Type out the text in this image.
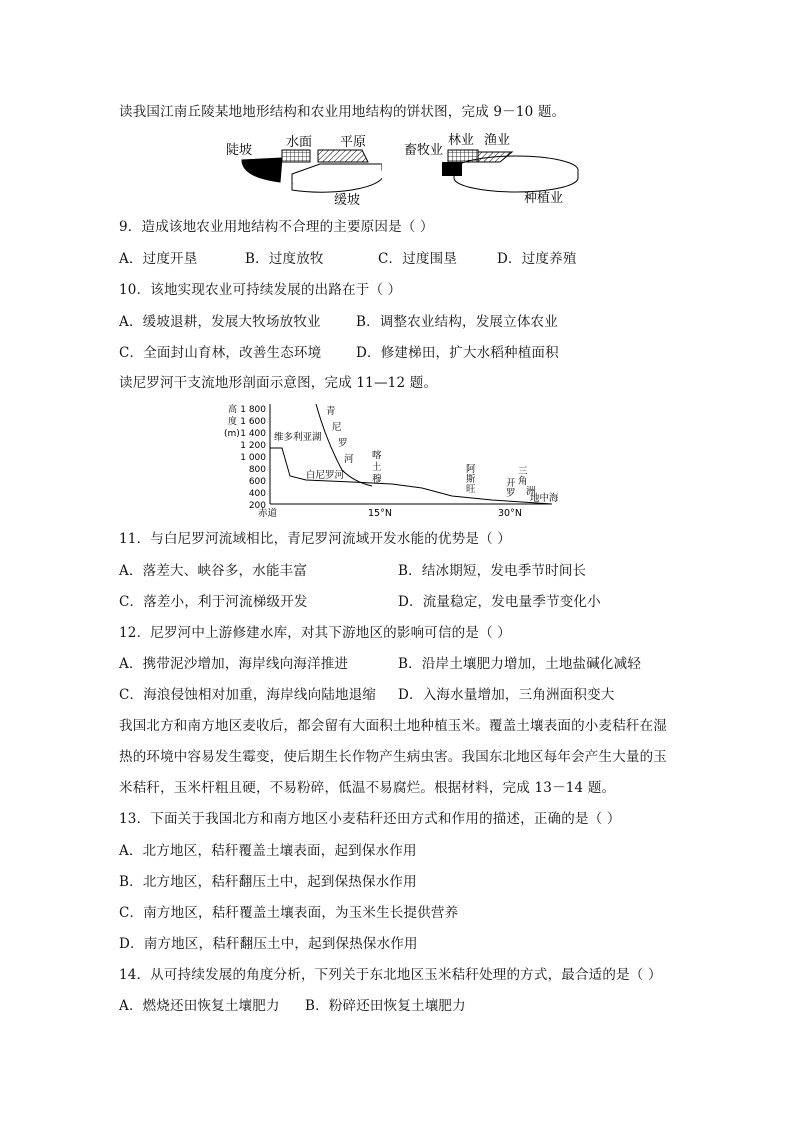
读我国江南丘陵某地地形结构和农业用地结构的饼状图，完成 9－10 题。
陡坡
水面 平原
缓坡
畜牧业
林业 渔业
种植业
9．造成该地农业用地结构不合理的主要原因是（ ）
A．过度开垦	B．过度放牧	C．过度围垦	D．过度养殖
10．该地实现农业可持续发展的出路在于（ ）
A．缓坡退耕，发展大牧场放牧业	B．调整农业结构，发展立体农业
C．全面封山育林，改善生态环境	D．修建梯田，扩大水稻种植面积
读尼罗河干支流地形剖面示意图，完成 11—12 题。
高
度
(m)
1 800
1 600
1 400
1 200
1 000
800
600
400
200
维多利亚湖
白尼罗河
青
尼
罗
河 喀
土
穆
阿
斯
旺
三
角
洲
开
罗 地中海
赤道	15°N	30°N
11．与白尼罗河流域相比，青尼罗河流域开发水能的优势是（ ）
A．落差大、峡谷多，水能丰富	B．结冰期短，发电季节时间长
C．落差小，利于河流梯级开发	D．流量稳定，发电量季节变化小
12．尼罗河中上游修建水库，对其下游地区的影响可信的是（ ）
A．携带泥沙增加，海岸线向海洋推进	B．沿岸土壤肥力增加，土地盐碱化减轻
C．海浪侵蚀相对加重，海岸线向陆地退缩 D．入海水量增加，三角洲面积变大
我国北方和南方地区麦收后，都会留有大面积土地种植玉米。覆盖土壤表面的小麦秸秆在湿
热的环境中容易发生霉变，使后期生长作物产生病虫害。我国东北地区每年会产生大量的玉
米秸秆，玉米杆粗且硬，不易粉碎，低温不易腐烂。根据材料，完成 13－14 题。
13．下面关于我国北方和南方地区小麦秸秆还田方式和作用的描述，正确的是（ ）
A．北方地区，秸秆覆盖土壤表面，起到保水作用
B．北方地区，秸秆翻压土中，起到保热保水作用
C．南方地区，秸秆覆盖土壤表面，为玉米生长提供营养
D．南方地区，秸秆翻压土中，起到保热保水作用
14．从可持续发展的角度分析，下列关于东北地区玉米秸秆处理的方式，最合适的是（ ）
A．燃烧还田恢复土壤肥力 B．粉碎还田恢复土壤肥力
